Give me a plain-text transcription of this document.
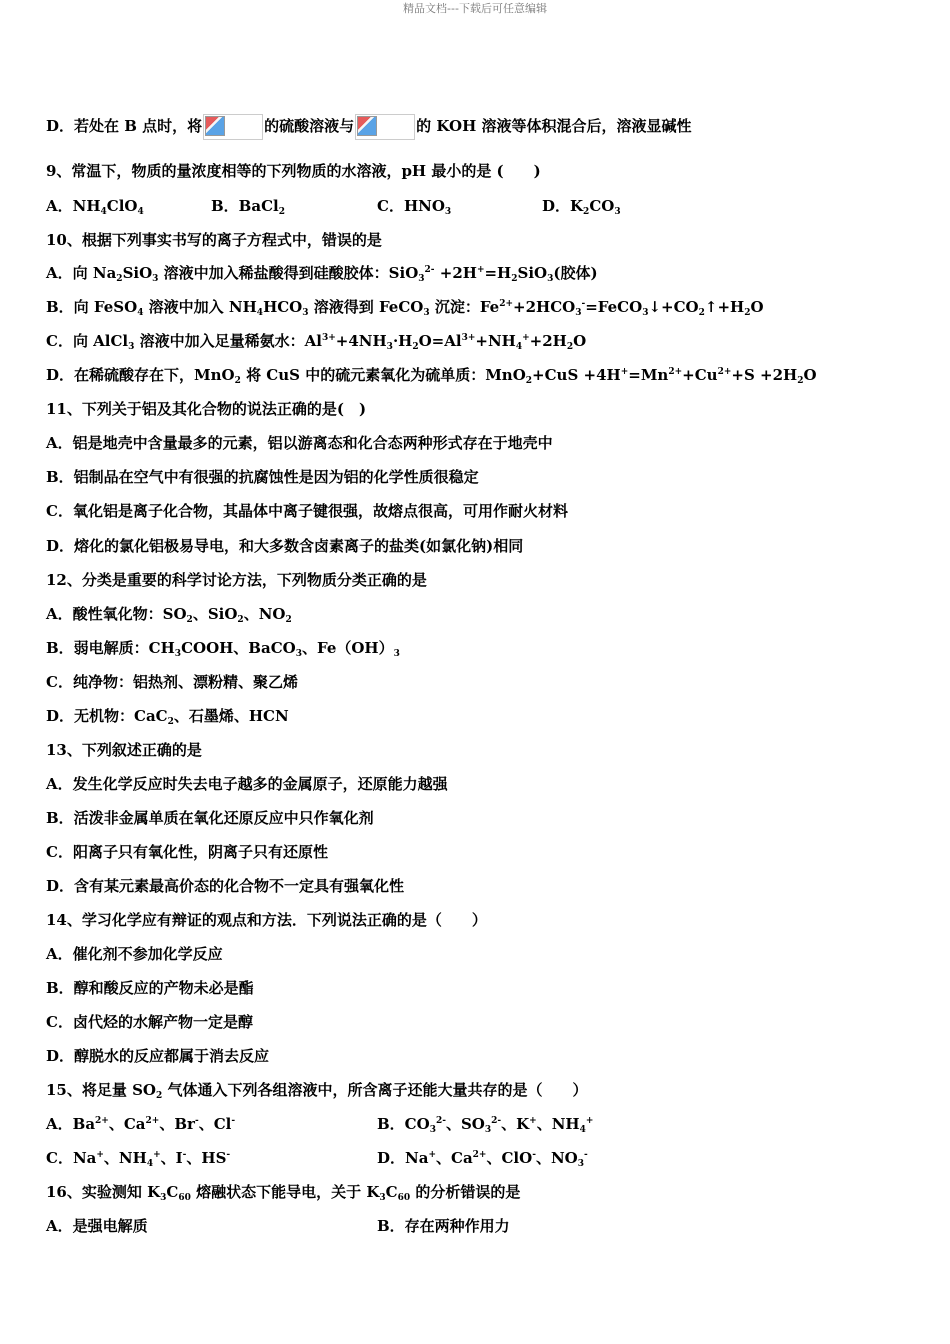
精品文档---下载后可任意编辑
D．若处在 B 点时，将	的硫酸溶液与	的 KOH 溶液等体积混合后，溶液显碱性
9、常温下，物质的量浓度相等的下列物质的水溶液，pH 最小的是 (　　)
A．$NH_4ClO_4$	B．BaCl$_2$	C．$HNO_3$	D．$K_2CO_3$
10、根据下列事实书写的离子方程式中，错误的是
A．向 $Na_2SiO_3$ 溶液中加入稀盐酸得到硅酸胶体：$SiO_3^{2-} +2H^+=H_2SiO_3$(胶体)
B．向 FeSO$_4$ 溶液中加入 $NH_4HCO_3$ 溶液得到 FeCO$_3$ 沉淀：$Fe^{2+}+2HCO_3^-=FeCO_3↓+CO_2↑+H_2O$
C．向 AlCl$_3$ 溶液中加入足量稀氨水：$Al^{3+}+4NH_3\cdot H_2O=Al^{3+}+NH_4^++2H_2O$
D．在稀硫酸存在下，MnO$_2$ 将 CuS 中的硫元素氧化为硫单质：$MnO_2+CuS +4H^+=Mn^{2+}+Cu^{2+}+S +2H_2O$
11、下列关于铝及其化合物的说法正确的是(　)
A．铝是地壳中含量最多的元素，铝以游离态和化合态两种形式存在于地壳中
B．铝制品在空气中有很强的抗腐蚀性是因为铝的化学性质很稳定
C．氧化铝是离子化合物，其晶体中离子键很强，故熔点很高，可用作耐火材料
D．熔化的氯化铝极易导电，和大多数含卤素离子的盐类(如氯化钠)相同
12、分类是重要的科学讨论方法，下列物质分类正确的是
A．酸性氧化物：$SO_2$、SiO$_2$、$NO_2$
B．弱电解质：$CH_3COOH$、BaCO$_3$、$Fe(OH)_3$
C．纯净物：铝热剂、漂粉精、聚乙烯
D．无机物：CaC$_2$、石墨烯、HCN
13、下列叙述正确的是
A．发生化学反应时失去电子越多的金属原子，还原能力越强
B．活泼非金属单质在氧化还原反应中只作氧化剂
C．阳离子只有氧化性，阴离子只有还原性
D．含有某元素最高价态的化合物不一定具有强氧化性
14、学习化学应有辩证的观点和方法．下列说法正确的是（　　）
A．催化剂不参加化学反应
B．醇和酸反应的产物未必是酯
C．卤代烃的水解产物一定是醇
D．醇脱水的反应都属于消去反应
15、将足量 $SO_2$ 气体通入下列各组溶液中，所含离子还能大量共存的是（　　）
A．$Ba^{2+}$、$Ca^{2+}$、Br-、Cl-	B．$CO_3^{2-}$、$SO_3^{2-}$、K+、$NH_4^+$
C．Na+、$NH_4^+$、I-、HS-	D．Na+、$Ca^{2+}$、ClO-、$NO_3^-$
16、实验测知 $K_3C_{60}$ 熔融状态下能导电，关于 $K_3C_{60}$ 的分析错误的是
A．是强电解质	B．存在两种作用力
